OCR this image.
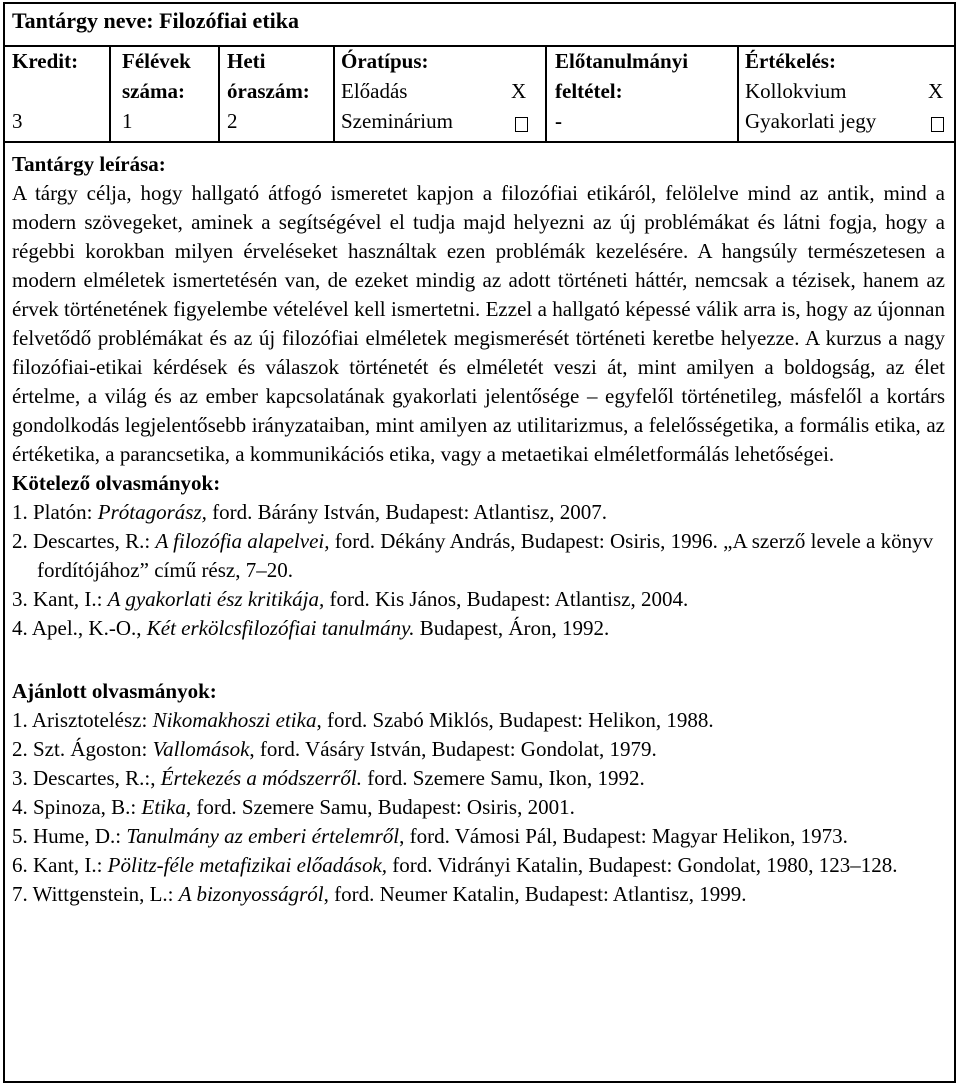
Tantárgy neve: Filozófiai etika
Kredit:
3
Félévek
száma:
1
Heti
óraszám:
2
Óratípus:
Előadás	X
Szeminárium
Előtanulmányi
feltétel:
-
Értékelés:
Kollokvium	X
Gyakorlati jegy
Tantárgy leírása:

A tárgy célja, hogy hallgató átfogó ismeretet kapjon a filozófiai etikáról, felölelve mind az antik, mind a modern szövegeket, aminek a segítségével el tudja majd helyezni az új problémákat és látni fogja, hogy a régebbi korokban milyen érveléseket használtak ezen problémák kezelésére. A hangsúly természetesen a modern elméletek ismertetésén van, de ezeket mindig az adott történeti háttér, nemcsak a tézisek, hanem az érvek történetének figyelembe vételével kell ismertetni. Ezzel a hallgató képessé válik arra is, hogy az újonnan felvetődő problémákat és az új filozófiai elméletek megismerését történeti keretbe helyezze. A kurzus a nagy filozófiai-etikai kérdések és válaszok történetét és elméletét veszi át, mint amilyen a boldogság, az élet értelme, a világ és az ember kapcsolatának gyakorlati jelentősége – egyfelől történetileg, másfelől a kortárs gondolkodás legjelentősebb irányzataiban, mint amilyen az utilitarizmus, a felelősségetika, a formális etika, az értéketika, a parancsetika, a kommunikációs etika, vagy a metaetikai elméletformálás lehetőségei.

Kötelező olvasmányok:
1. Platón: Prótagorász, ford. Bárány István, Budapest: Atlantisz, 2007.
2. Descartes, R.: A filozófia alapelvei, ford. Dékány András, Budapest: Osiris, 1996. „A szerző levele a könyv fordítójához” című rész, 7–20.
3. Kant, I.: A gyakorlati ész kritikája, ford. Kis János, Budapest: Atlantisz, 2004.
4. Apel., K.-O., Két erkölcsfilozófiai tanulmány. Budapest, Áron, 1992.
Ajánlott olvasmányok:
1. Arisztotelész: Nikomakhoszi etika, ford. Szabó Miklós, Budapest: Helikon, 1988.
2. Szt. Ágoston: Vallomások, ford. Vásáry István, Budapest: Gondolat, 1979.
3. Descartes, R.:, Értekezés a módszerről. ford. Szemere Samu, Ikon, 1992.
4. Spinoza, B.: Etika, ford. Szemere Samu, Budapest: Osiris, 2001.
5. Hume, D.: Tanulmány az emberi értelemről, ford. Vámosi Pál, Budapest: Magyar Helikon, 1973.
6. Kant, I.: Pölitz-féle metafizikai előadások, ford. Vidrányi Katalin, Budapest: Gondolat, 1980, 123–128.
7. Wittgenstein, L.: A bizonyosságról, ford. Neumer Katalin, Budapest: Atlantisz, 1999.
